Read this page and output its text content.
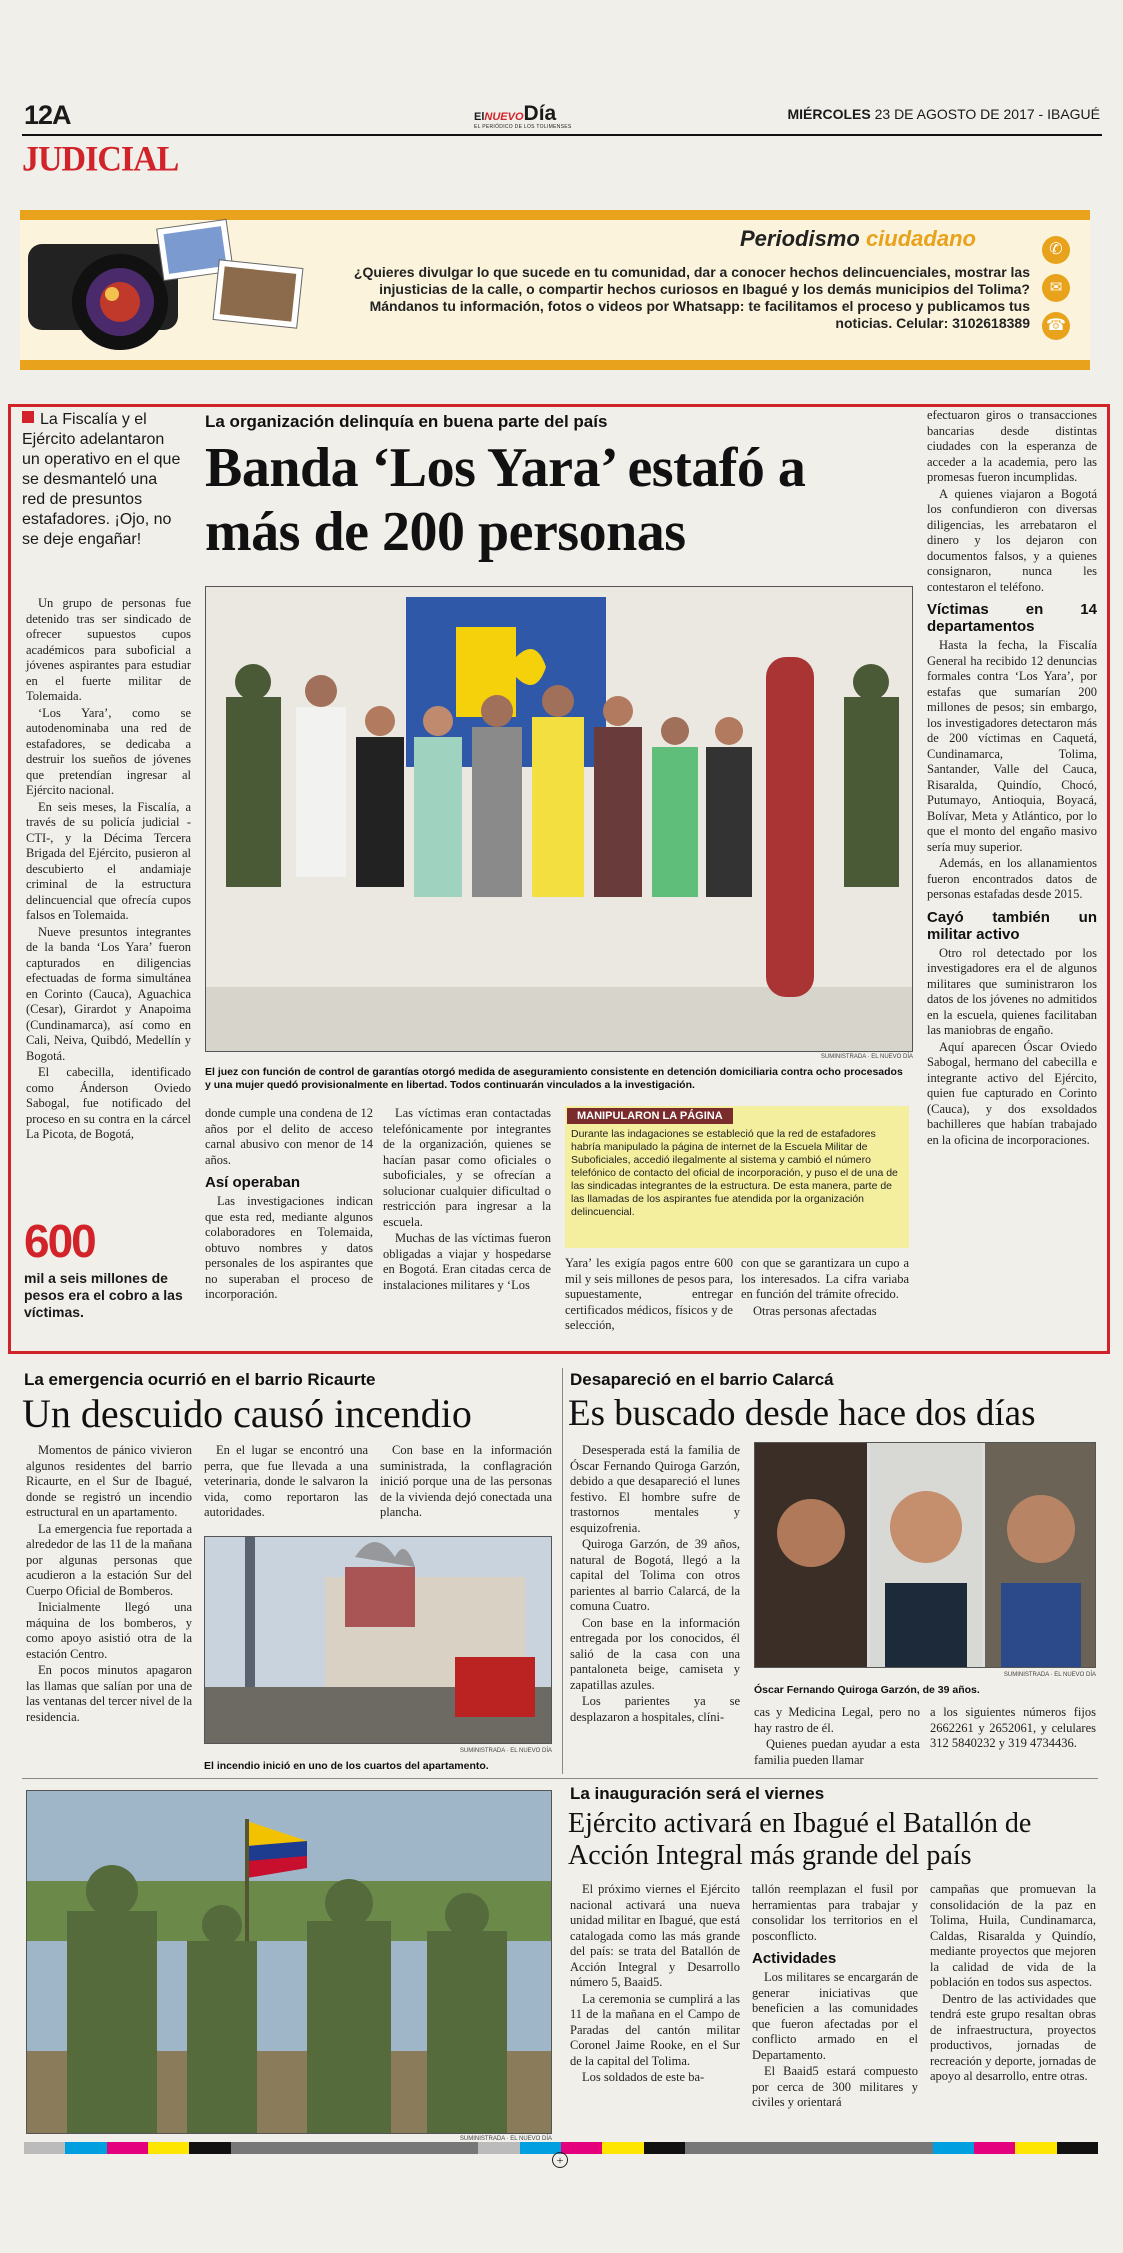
12A	ElNUEVODía
EL PERIÓDICO DE LOS TOLIMENSES
MIÉRCOLES 23 DE AGOSTO DE 2017 - IBAGUÉ
JUDICIAL
Periodismo ciudadano
¿Quieres divulgar lo que sucede en tu comunidad, dar a conocer hechos delincuenciales, mostrar las injusticias de la calle, o compartir hechos curiosos en Ibagué y los demás municipios del Tolima? Mándanos tu información, fotos o videos por Whatsapp: te facilitamos el proceso y publicamos tus noticias. Celular: 3102618389
✆
✉
☎
La Fiscalía y el Ejército adelantaron un operativo en el que se desmanteló una red de presuntos estafadores. ¡Ojo, no se deje engañar!

Un grupo de personas fue detenido tras ser sindicado de ofrecer supuestos cupos académicos para suboficial a jóvenes aspirantes para estudiar en el fuerte militar de Tolemaida.

‘Los Yara’, como se autodenominaba una red de estafadores, se dedicaba a destruir los sueños de jóvenes que pretendían ingresar al Ejército nacional.

En seis meses, la Fiscalía, a través de su policía judicial -CTI-, y la Décima Tercera Brigada del Ejército, pusieron al descubierto el andamiaje criminal de la estructura delincuencial que ofrecía cupos falsos en Tolemaida.

Nueve presuntos integrantes de la banda ‘Los Yara’ fueron capturados en diligencias efectuadas de forma simultánea en Corinto (Cauca), Aguachica (Cesar), Girardot y Anapoima (Cundinamarca), así como en Cali, Neiva, Quibdó, Medellín y Bogotá.

El cabecilla, identificado como Ánderson Oviedo Sabogal, fue notificado del proceso en su contra en la cárcel La Picota, de Bogotá,

600
mil a seis millones de pesos era el cobro a las víctimas.
La organización delinquía en buena parte del país
Banda ‘Los Yara’ estafó a más de 200 personas
SUMINISTRADA · EL NUEVO DÍA
El juez con función de control de garantías otorgó medida de aseguramiento consistente en detención domiciliaria contra ocho procesados y una mujer quedó provisionalmente en libertad. Todos continuarán vinculados a la investigación.

donde cumple una condena de 12 años por el delito de acceso carnal abusivo con menor de 14 años.

Así operaban

Las investigaciones indican que esta red, mediante algunos colaboradores en Tolemaida, obtuvo nombres y datos personales de los aspirantes que no superaban el proceso de incorporación.

Las víctimas eran contactadas telefónicamente por integrantes de la organización, quienes se hacían pasar como oficiales o suboficiales, y se ofrecían a solucionar cualquier dificultad o restricción para ingresar a la escuela.

Muchas de las víctimas fueron obligadas a viajar y hospedarse en Bogotá. Eran citadas cerca de instalaciones militares y ‘Los

MANIPULARON LA PÁGINA
Durante las indagaciones se estableció que la red de estafadores habría manipulado la página de internet de la Escuela Militar de Suboficiales, accedió ilegalmente al sistema y cambió el número telefónico de contacto del oficial de incorporación, y puso el de una de las sindicadas integrantes de la estructura. De esta manera, parte de las llamadas de los aspirantes fue atendida por la organización delincuencial.

Yara’ les exigía pagos entre 600 mil y seis millones de pesos para, supuestamente, entregar certificados médicos, físicos y de selección,

con que se garantizara un cupo a los interesados. La cifra variaba en función del trámite ofrecido.

Otras personas afectadas

efectuaron giros o transacciones bancarias desde distintas ciudades con la esperanza de acceder a la academia, pero las promesas fueron incumplidas.

A quienes viajaron a Bogotá los confundieron con diversas diligencias, les arrebataron el dinero y los dejaron con documentos falsos, y a quienes consignaron, nunca les contestaron el teléfono.

Víctimas en 14 departamentos

Hasta la fecha, la Fiscalía General ha recibido 12 denuncias formales contra ‘Los Yara’, por estafas que sumarían 200 millones de pesos; sin embargo, los investigadores detectaron más de 200 víctimas en Caquetá, Cundinamarca, Tolima, Santander, Valle del Cauca, Risaralda, Quindío, Chocó, Putumayo, Antioquia, Boyacá, Bolívar, Meta y Atlántico, por lo que el monto del engaño masivo sería muy superior.

Además, en los allanamientos fueron encontrados datos de personas estafadas desde 2015.

Cayó también un militar activo

Otro rol detectado por los investigadores era el de algunos militares que suministraron los datos de los jóvenes no admitidos en la escuela, quienes facilitaban las maniobras de engaño.

Aquí aparecen Óscar Oviedo Sabogal, hermano del cabecilla e integrante activo del Ejército, quien fue capturado en Corinto (Cauca), y dos exsoldados bachilleres que habían trabajado en la oficina de incorporaciones.

La emergencia ocurrió en el barrio Ricaurte
Un descuido causó incendio

Momentos de pánico vivieron algunos residentes del barrio Ricaurte, en el Sur de Ibagué, donde se registró un incendio estructural en un apartamento.

La emergencia fue reportada a alrededor de las 11 de la mañana por algunas personas que acudieron a la estación Sur del Cuerpo Oficial de Bomberos.

Inicialmente llegó una máquina de los bomberos, y como apoyo asistió otra de la estación Centro.

En pocos minutos apagaron las llamas que salían por una de las ventanas del tercer nivel de la residencia.

En el lugar se encontró una perra, que fue llevada a una veterinaria, donde le salvaron la vida, como reportaron las autoridades.

Con base en la información suministrada, la conflagración inició porque una de las personas de la vivienda dejó conectada una plancha.

SUMINISTRADA · EL NUEVO DÍA
El incendio inició en uno de los cuartos del apartamento.
Desapareció en el barrio Calarcá
Es buscado desde hace dos días

Desesperada está la familia de Óscar Fernando Quiroga Garzón, debido a que desapareció el lunes festivo. El hombre sufre de trastornos mentales y esquizofrenia.

Quiroga Garzón, de 39 años, natural de Bogotá, llegó a la capital del Tolima con otros parientes al barrio Calarcá, de la comuna Cuatro.

Con base en la información entregada por los conocidos, él salió de la casa con una pantaloneta beige, camiseta y zapatillas azules.

Los parientes ya se desplazaron a hospitales, clíni-

SUMINISTRADA · EL NUEVO DÍA
Óscar Fernando Quiroga Garzón, de 39 años.

cas y Medicina Legal, pero no hay rastro de él.

Quienes puedan ayudar a esta familia pueden llamar

a los siguientes números fijos 2662261 y 2652061, y celulares 312 5840232 y 319 4734436.

SUMINISTRADA · EL NUEVO DÍA
La inauguración será el viernes
Ejército activará en Ibagué el Batallón de Acción Integral más grande del país

El próximo viernes el Ejército nacional activará una nueva unidad militar en Ibagué, que está catalogada como las más grande del país: se trata del Batallón de Acción Integral y Desarrollo número 5, Baaid5.

La ceremonia se cumplirá a las 11 de la mañana en el Campo de Paradas del cantón militar Coronel Jaime Rooke, en el Sur de la capital del Tolima.

Los soldados de este ba-

tallón reemplazan el fusil por herramientas para trabajar y consolidar los territorios en el posconflicto.

Actividades

Los militares se encargarán de generar iniciativas que beneficien a las comunidades que fueron afectadas por el conflicto armado en el Departamento.

El Baaid5 estará compuesto por cerca de 300 militares y civiles y orientará

campañas que promuevan la consolidación de la paz en Tolima, Huila, Cundinamarca, Caldas, Risaralda y Quindío, mediante proyectos que mejoren la calidad de vida de la población en todos sus aspectos.

Dentro de las actividades que tendrá este grupo resaltan obras de infraestructura, proyectos productivos, jornadas de recreación y deporte, jornadas de apoyo al desarrollo, entre otras.

+
